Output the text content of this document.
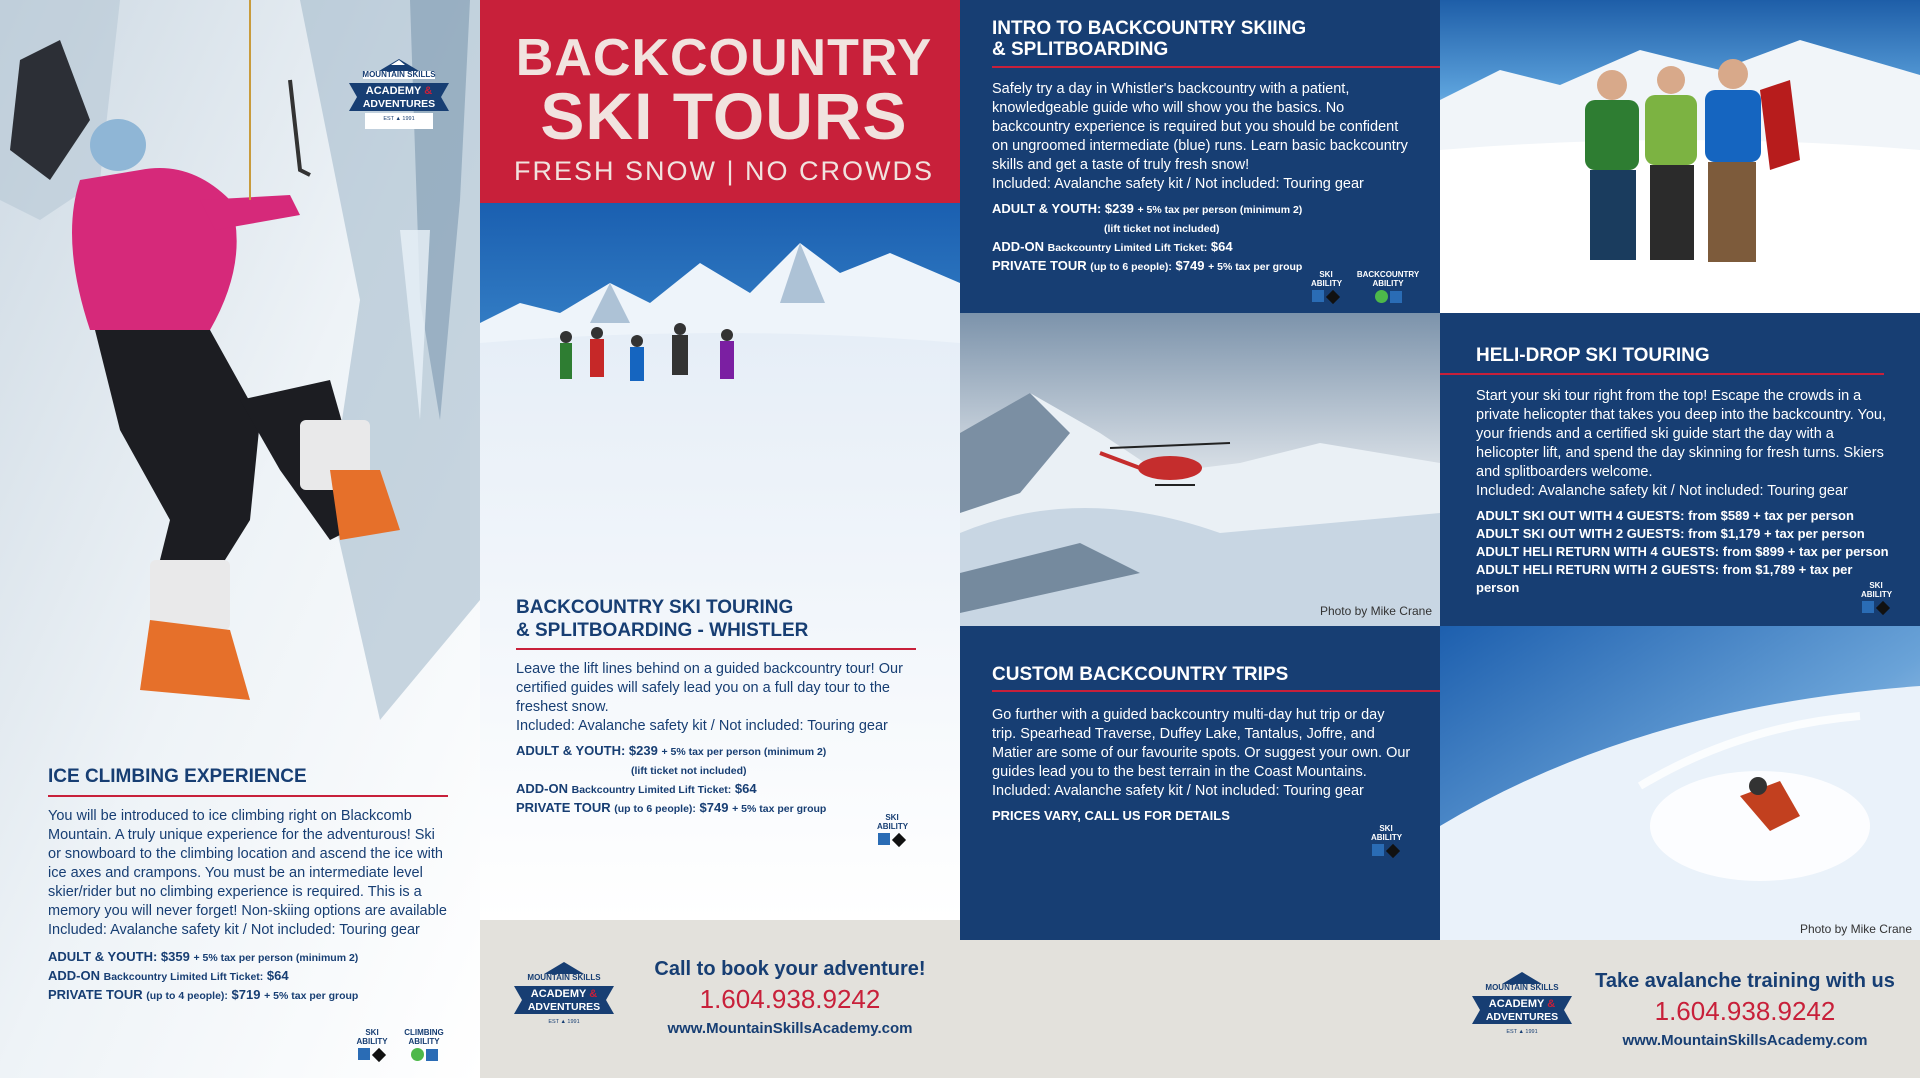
MOUNTAIN SKILLS
ACADEMY &
ADVENTURES
EST ▲ 1991
ICE CLIMBING EXPERIENCE
You will be introduced to ice climbing right on Blackcomb Mountain. A truly unique experience for the adventurous! Ski or snowboard to the climbing location and ascend the ice with ice axes and crampons. You must be an intermediate level skier/rider but no climbing experience is required. This is a memory you will never forget! Non-skiing options are available
Included: Avalanche safety kit / Not included: Touring gear
ADULT & YOUTH: $359 + 5% tax per person (minimum 2)
ADD-ON Backcountry Limited Lift Ticket: $64
PRIVATE TOUR (up to 4 people): $719 + 5% tax per group
SKI ABILITY
CLIMBING ABILITY
BACKCOUNTRY
SKI TOURS
FRESH SNOW | NO CROWDS
BACKCOUNTRY SKI TOURING
& SPLITBOARDING - WHISTLER
Leave the lift lines behind on a guided backcountry tour! Our certified guides will safely lead you on a full day tour to the freshest snow.
Included: Avalanche safety kit / Not included: Touring gear
ADULT & YOUTH: $239 + 5% tax per person (minimum 2)
(lift ticket not included)
ADD-ON Backcountry Limited Lift Ticket: $64
PRIVATE TOUR (up to 6 people): $749 + 5% tax per group
SKI ABILITY
MOUNTAIN SKILLS
ACADEMY &
ADVENTURES
EST ▲ 1991
Call to book your adventure!
1.604.938.9242
www.MountainSkillsAcademy.com
INTRO TO BACKCOUNTRY SKIING
& SPLITBOARDING
Safely try a day in Whistler's backcountry with a patient, knowledgeable guide who will show you the basics. No backcountry experience is required but you should be confident on ungroomed intermediate (blue) runs. Learn basic backcountry skills and get a taste of truly fresh snow!
Included: Avalanche safety kit / Not included: Touring gear
ADULT & YOUTH: $239 + 5% tax per person (minimum 2)
(lift ticket not included)
ADD-ON Backcountry Limited Lift Ticket: $64
PRIVATE TOUR (up to 6 people): $749 + 5% tax per group
SKI ABILITY
BACKCOUNTRY ABILITY
Photo by Mike Crane
CUSTOM BACKCOUNTRY TRIPS
Go further with a guided backcountry multi-day hut trip or day trip. Spearhead Traverse, Duffey Lake, Tantalus, Joffre, and Matier are some of our favourite spots. Or suggest your own. Our guides lead you to the best terrain in the Coast Mountains.
Included: Avalanche safety kit / Not included: Touring gear
PRICES VARY, CALL US FOR DETAILS
SKI ABILITY
HELI-DROP SKI TOURING
Start your ski tour right from the top! Escape the crowds in a private helicopter that takes you deep into the backcountry. You, your friends and a certified ski guide start the day with a helicopter lift, and spend the day skinning for fresh turns. Skiers and splitboarders welcome.
Included: Avalanche safety kit / Not included: Touring gear
ADULT SKI OUT WITH 4 GUESTS: from $589 + tax per person
ADULT SKI OUT WITH 2 GUESTS: from $1,179 + tax per person
ADULT HELI RETURN WITH 4 GUESTS: from $899 + tax per person
ADULT HELI RETURN WITH 2 GUESTS: from $1,789 + tax per person	SKI ABILITY
Photo by Mike Crane
MOUNTAIN SKILLS
ACADEMY &
ADVENTURES
EST ▲ 1991
Take avalanche training with us
1.604.938.9242
www.MountainSkillsAcademy.com
